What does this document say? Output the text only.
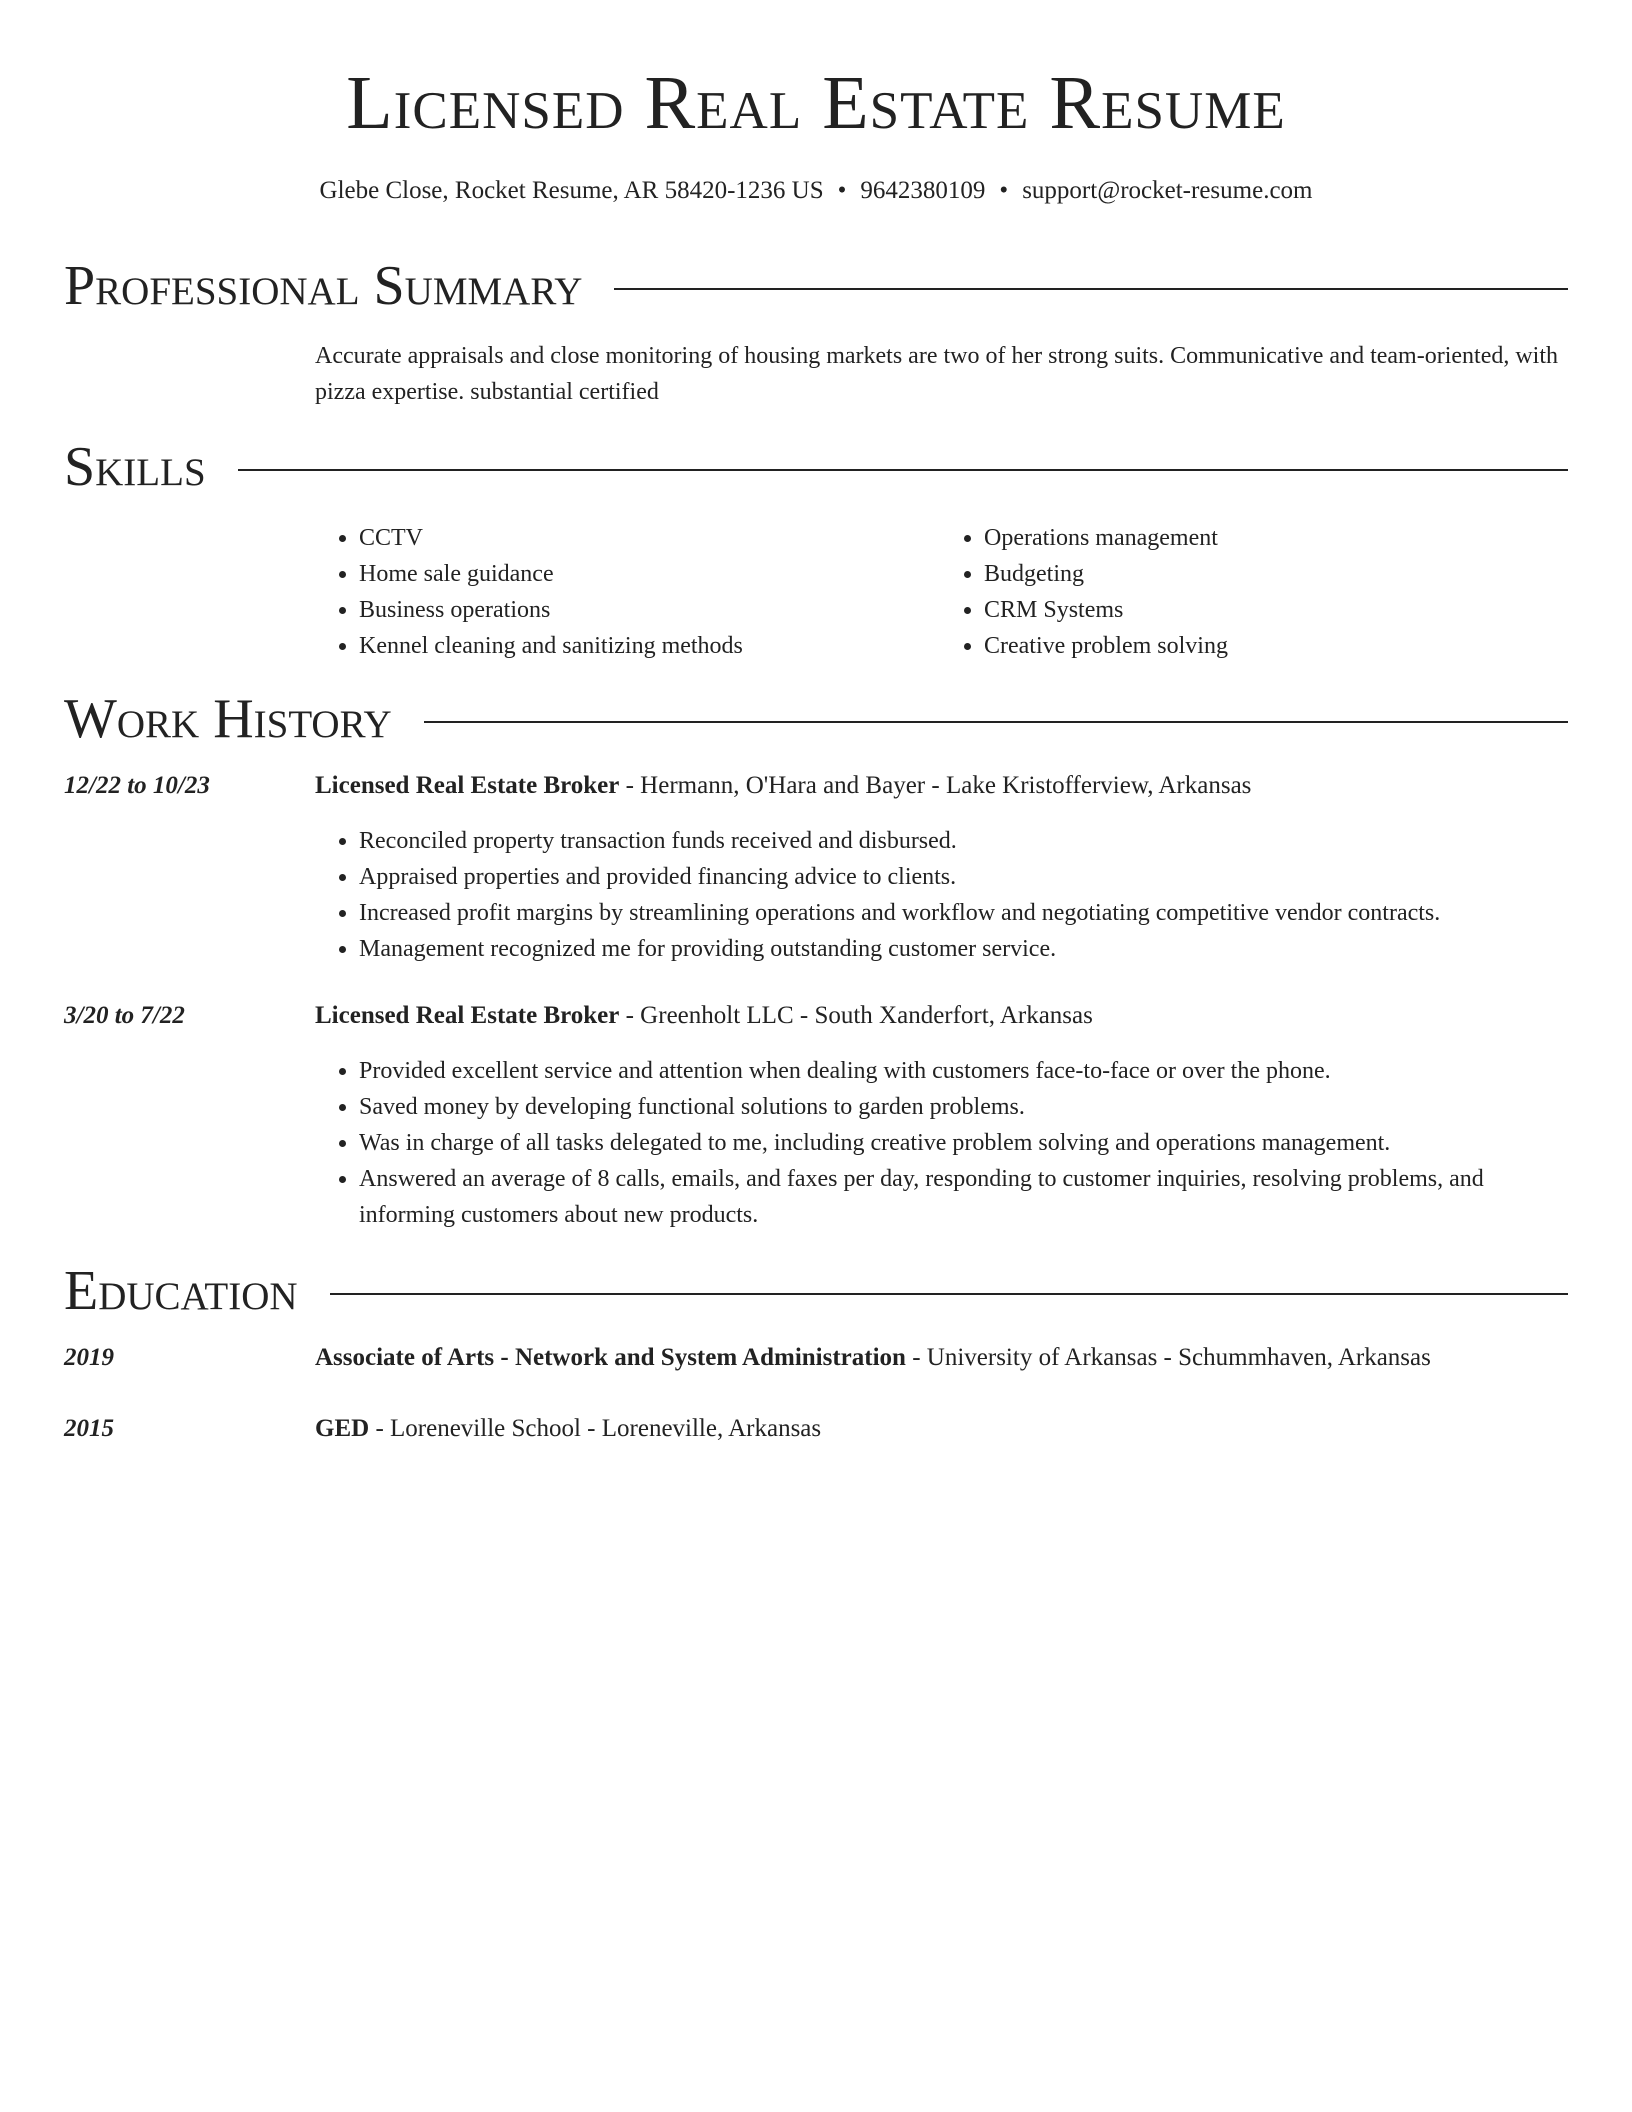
Licensed Real Estate Resume
Glebe Close, Rocket Resume, AR 58420-1236 US • 9642380109 • support@rocket-resume.com
Professional Summary
Accurate appraisals and close monitoring of housing markets are two of her strong suits. Communicative and team-oriented, with pizza expertise. substantial certified
Skills
• CCTV
• Home sale guidance
• Business operations
• Kennel cleaning and sanitizing methods
• Operations management
• Budgeting
• CRM Systems
• Creative problem solving
Work History
12/22 to 10/23	Licensed Real Estate Broker - Hermann, O'Hara and Bayer - Lake Kristofferview, Arkansas
• Reconciled property transaction funds received and disbursed.
• Appraised properties and provided financing advice to clients.
• Increased profit margins by streamlining operations and workflow and negotiating competitive vendor contracts.
• Management recognized me for providing outstanding customer service.
3/20 to 7/22	Licensed Real Estate Broker - Greenholt LLC - South Xanderfort, Arkansas
• Provided excellent service and attention when dealing with customers face-to-face or over the phone.
• Saved money by developing functional solutions to garden problems.
• Was in charge of all tasks delegated to me, including creative problem solving and operations management.
• Answered an average of 8 calls, emails, and faxes per day, responding to customer inquiries, resolving problems, and informing customers about new products.
Education
2019	Associate of Arts - Network and System Administration - University of Arkansas - Schummhaven, Arkansas
2015	GED - Loreneville School - Loreneville, Arkansas
